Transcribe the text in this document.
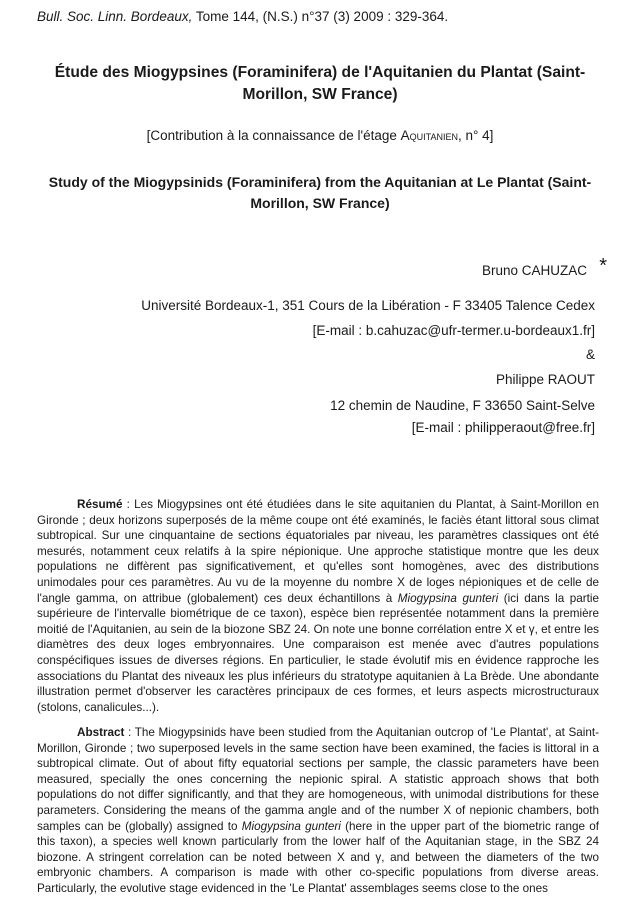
Bull. Soc. Linn. Bordeaux, Tome 144, (N.S.) n°37 (3) 2009 : 329-364.
Étude des Miogypsines (Foraminifera) de l'Aquitanien du Plantat (Saint-Morillon, SW France)
[Contribution à la connaissance de l'étage Aquitanien, n° 4]
Study of the Miogypsinids (Foraminifera) from the Aquitanian at Le Plantat (Saint-Morillon, SW France)
Bruno CAHUZAC *
Université Bordeaux-1, 351 Cours de la Libération - F 33405 Talence Cedex
[E-mail : b.cahuzac@ufr-termer.u-bordeaux1.fr]
&
Philippe RAOUT
12 chemin de Naudine, F 33650 Saint-Selve
[E-mail : philipperaout@free.fr]
Résumé : Les Miogypsines ont été étudiées dans le site aquitanien du Plantat, à Saint-Morillon en Gironde ; deux horizons superposés de la même coupe ont été examinés, le faciès étant littoral sous climat subtropical. Sur une cinquantaine de sections équatoriales par niveau, les paramètres classiques ont été mesurés, notamment ceux relatifs à la spire népionique. Une approche statistique montre que les deux populations ne diffèrent pas significativement, et qu'elles sont homogènes, avec des distributions unimodales pour ces paramètres. Au vu de la moyenne du nombre X de loges népioniques et de celle de l'angle gamma, on attribue (globalement) ces deux échantillons à Miogypsina gunteri (ici dans la partie supérieure de l'intervalle biométrique de ce taxon), espèce bien représentée notamment dans la première moitié de l'Aquitanien, au sein de la biozone SBZ 24. On note une bonne corrélation entre X et γ, et entre les diamètres des deux loges embryonnaires. Une comparaison est menée avec d'autres populations conspécifiques issues de diverses régions. En particulier, le stade évolutif mis en évidence rapproche les associations du Plantat des niveaux les plus inférieurs du stratotype aquitanien à La Brède. Une abondante illustration permet d'observer les caractères principaux de ces formes, et leurs aspects microstructuraux (stolons, canalicules...).
Abstract : The Miogypsinids have been studied from the Aquitanian outcrop of 'Le Plantat', at Saint-Morillon, Gironde ; two superposed levels in the same section have been examined, the facies is littoral in a subtropical climate. Out of about fifty equatorial sections per sample, the classic parameters have been measured, specially the ones concerning the nepionic spiral. A statistic approach shows that both populations do not differ significantly, and that they are homogeneous, with unimodal distributions for these parameters. Considering the means of the gamma angle and of the number X of nepionic chambers, both samples can be (globally) assigned to Miogypsina gunteri (here in the upper part of the biometric range of this taxon), a species well known particularly from the lower half of the Aquitanian stage, in the SBZ 24 biozone. A stringent correlation can be noted between X and γ, and between the diameters of the two embryonic chambers. A comparison is made with other co-specific populations from diverse areas. Particularly, the evolutive stage evidenced in the 'Le Plantat' assemblages seems close to the ones
